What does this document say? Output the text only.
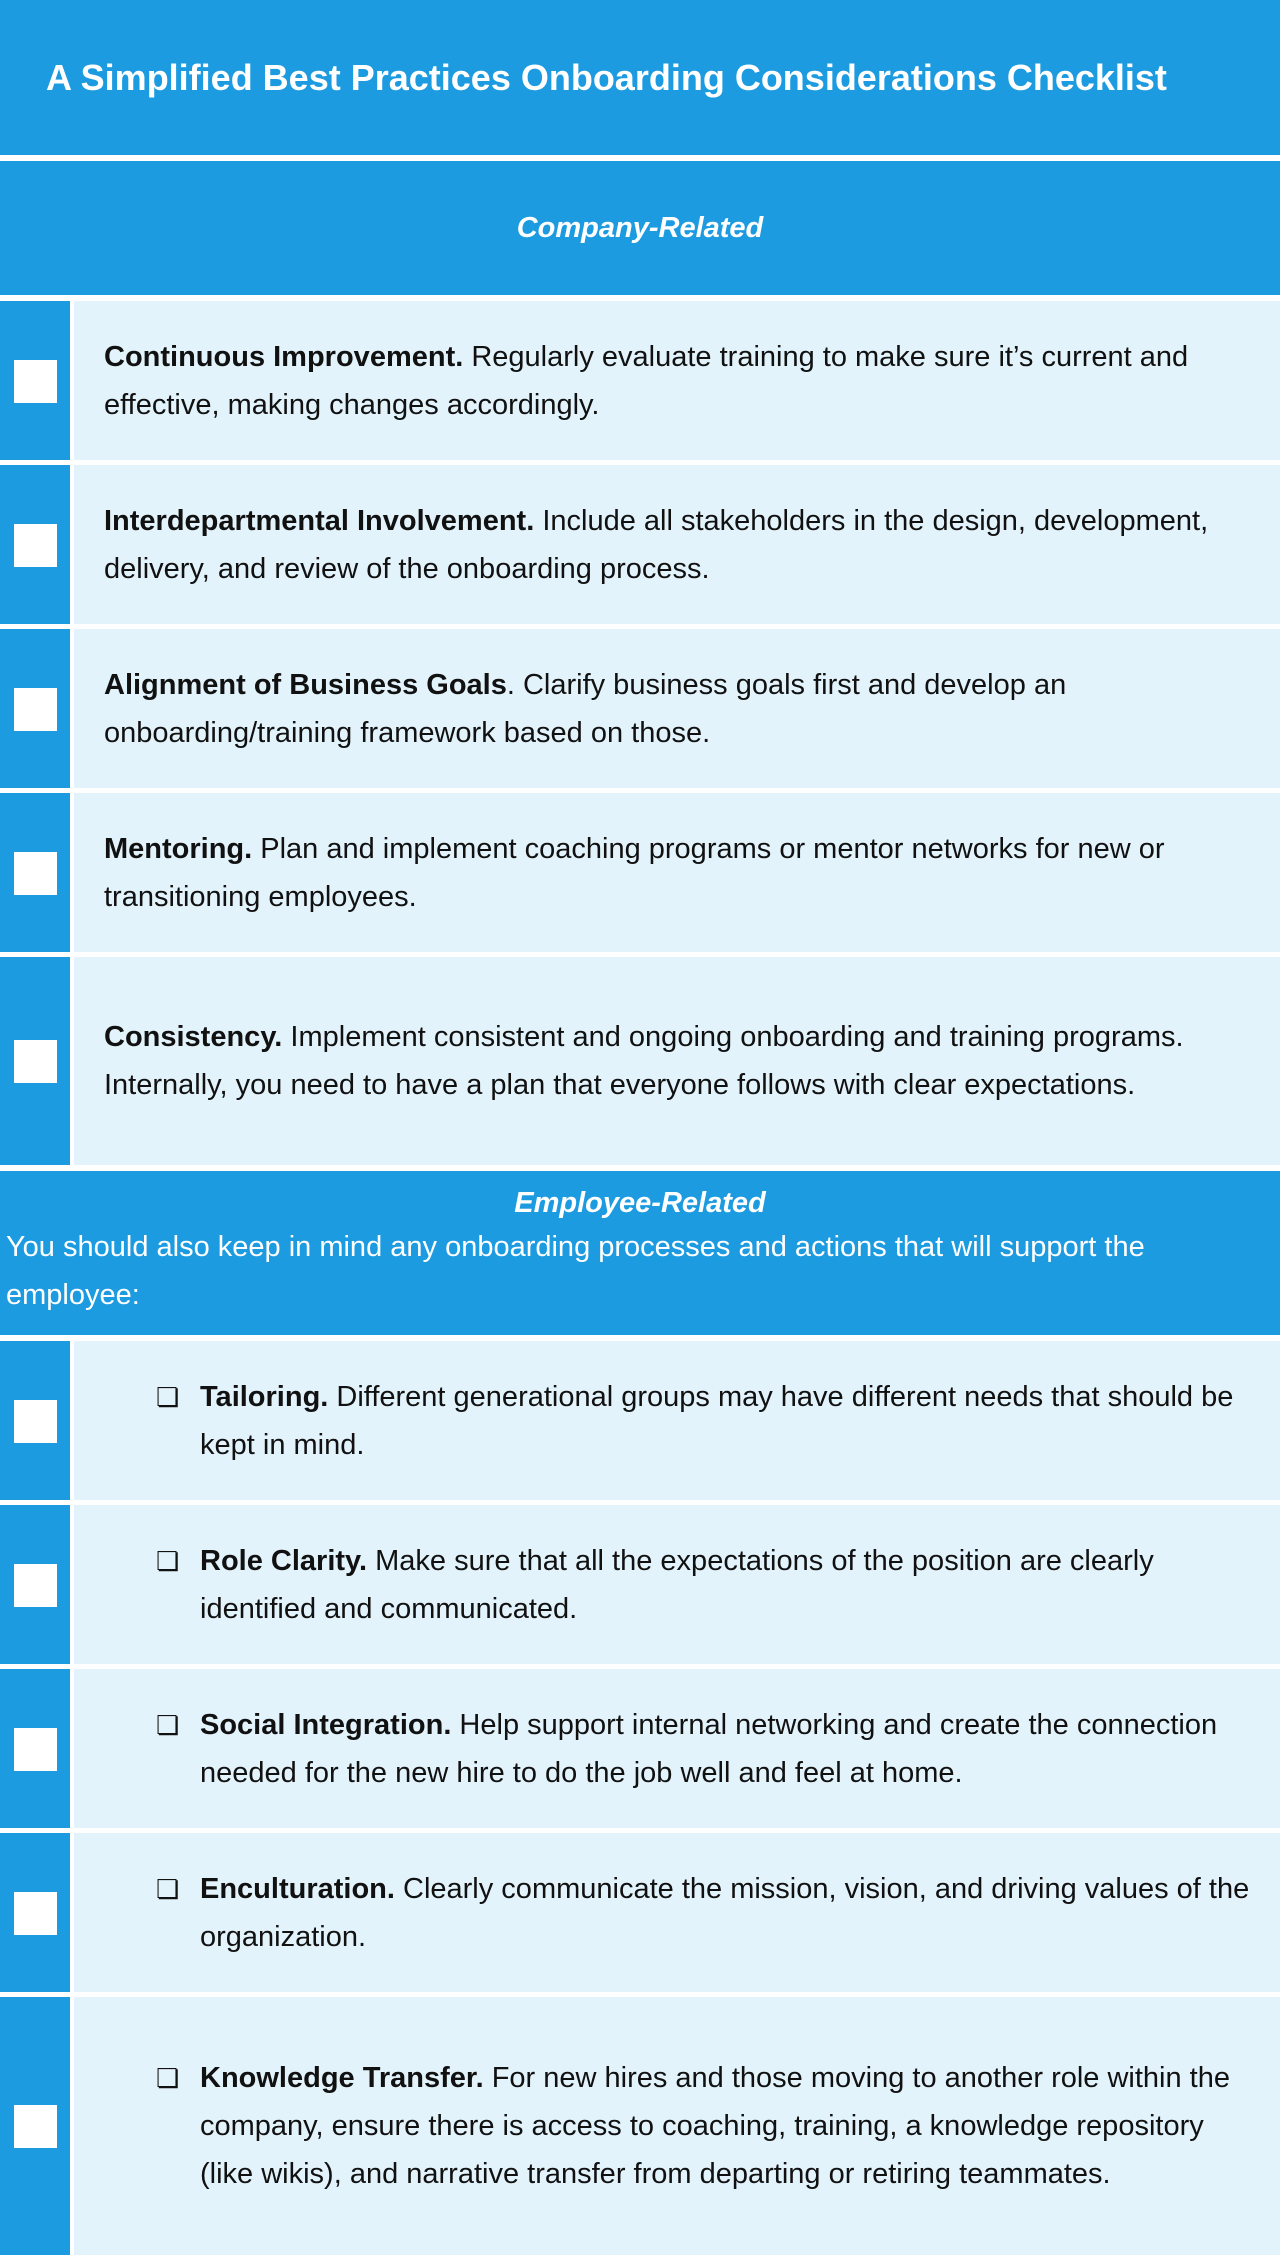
A Simplified Best Practices Onboarding Considerations Checklist
Company-Related
Continuous Improvement. Regularly evaluate training to make sure it’s current and effective, making changes accordingly.
Interdepartmental Involvement. Include all stakeholders in the design, development, delivery, and review of the onboarding process.
Alignment of Business Goals. Clarify business goals first and develop an onboarding/training framework based on those.
Mentoring. Plan and implement coaching programs or mentor networks for new or transitioning employees.
Consistency. Implement consistent and ongoing onboarding and training programs. Internally, you need to have a plan that everyone follows with clear expectations.
Employee-Related
You should also keep in mind any onboarding processes and actions that will support the employee:
❏ Tailoring. Different generational groups may have different needs that should be kept in mind.
❏ Role Clarity. Make sure that all the expectations of the position are clearly identified and communicated.
❏ Social Integration. Help support internal networking and create the connection needed for the new hire to do the job well and feel at home.
❏ Enculturation. Clearly communicate the mission, vision, and driving values of the organization.
❏ Knowledge Transfer. For new hires and those moving to another role within the company, ensure there is access to coaching, training, a knowledge repository (like wikis), and narrative transfer from departing or retiring teammates.
